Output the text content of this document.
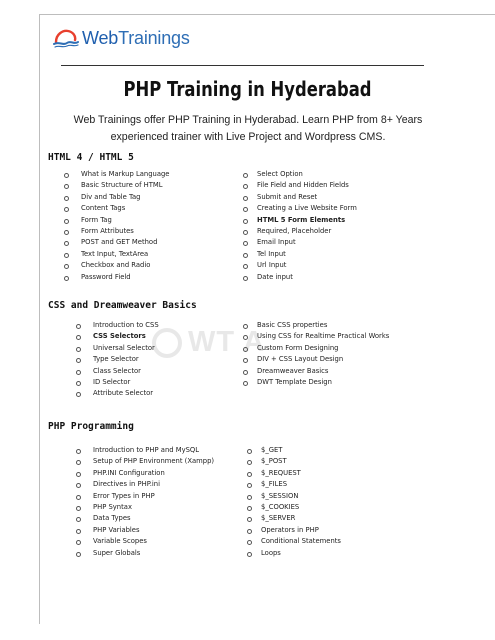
WebTrainings
PHP Training in Hyderabad
Web Trainings offer PHP Training in Hyderabad. Learn PHP from 8+ Years experienced trainer with Live Project and Wordpress CMS.
WT A
HTML 4 / HTML 5
What is Markup Language
Basic Structure of HTML
Div and Table Tag
Content Tags
Form Tag
Form Attributes
POST and GET Method
Text Input, TextArea
Checkbox and Radio
Password Field
Select Option
File Field and Hidden Fields
Submit and Reset
Creating a Live Website Form
HTML 5 Form Elements
Required, Placeholder
Email Input
Tel Input
Url Input
Date input
CSS and Dreamweaver Basics
Introduction to CSS
CSS Selectors
Universal Selector
Type Selector
Class Selector
ID Selector
Attribute Selector
Basic CSS properties
Using CSS for Realtime Practical Works
Custom Form Designing
DIV + CSS Layout Design
Dreamweaver Basics
DWT Template Design
PHP Programming
Introduction to PHP and MySQL
Setup of PHP Environment (Xampp)
PHP.INI Configuration
Directives in PHP.ini
Error Types in PHP
PHP Syntax
Data Types
PHP Variables
Variable Scopes
Super Globals
$_GET
$_POST
$_REQUEST
$_FILES
$_SESSION
$_COOKIES
$_SERVER
Operators in PHP
Conditional Statements
Loops
